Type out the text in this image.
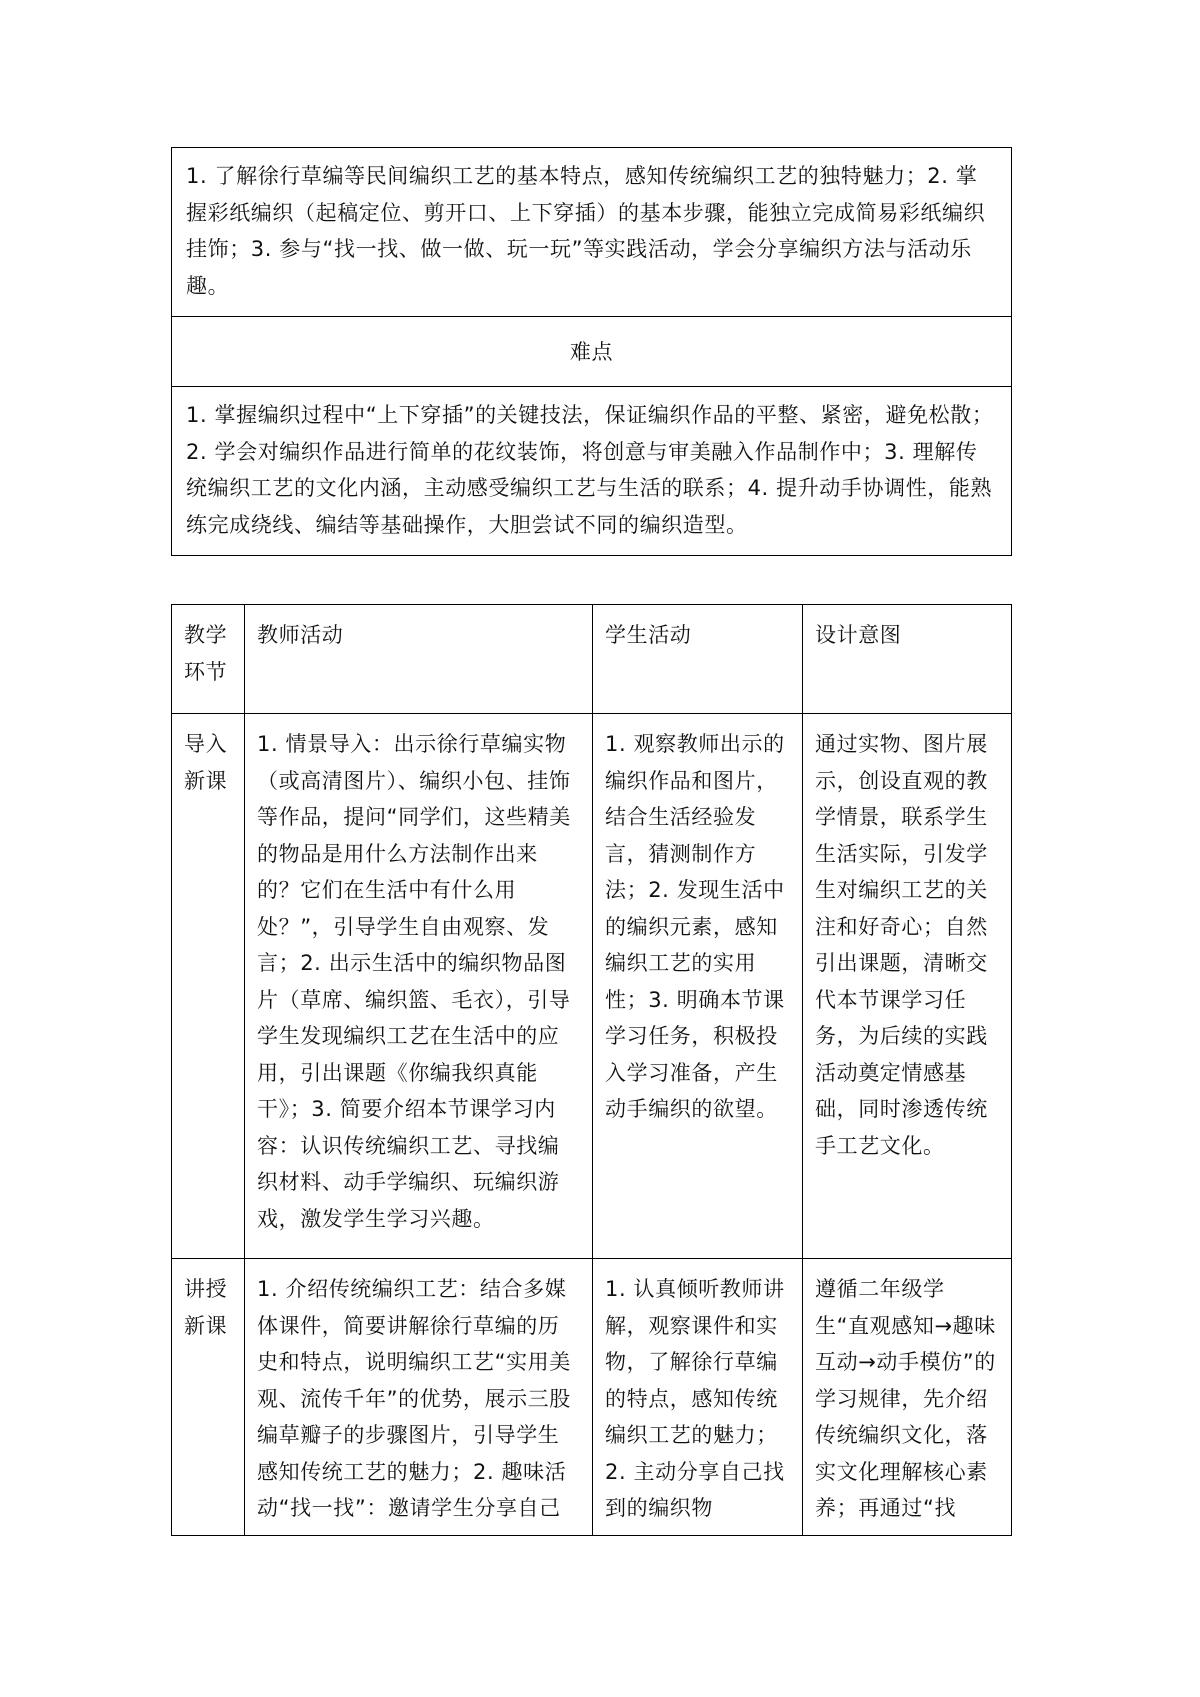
1. 了解徐行草编等民间编织工艺的基本特点，感知传统编织工艺的独特魅力；2. 掌握彩纸编织（起稿定位、剪开口、上下穿插）的基本步骤，能独立完成简易彩纸编织挂饰；3. 参与“找一找、做一做、玩一玩”等实践活动，学会分享编织方法与活动乐趣。
难点
1. 掌握编织过程中“上下穿插”的关键技法，保证编织作品的平整、紧密，避免松散；2. 学会对编织作品进行简单的花纹装饰，将创意与审美融入作品制作中；3. 理解传统编织工艺的文化内涵，主动感受编织工艺与生活的联系；4. 提升动手协调性，能熟练完成绕线、编结等基础操作，大胆尝试不同的编织造型。
教学环节
教师活动	学生活动	设计意图
导入新课
1. 情景导入：出示徐行草编实物（或高清图片）、编织小包、挂饰等作品，提问“同学们，这些精美的物品是用什么方法制作出来的？它们在生活中有什么用处？”，引导学生自由观察、发言；2. 出示生活中的编织物品图片（草席、编织篮、毛衣），引导学生发现编织工艺在生活中的应用，引出课题《你编我织真能干》；3. 简要介绍本节课学习内容：认识传统编织工艺、寻找编织材料、动手学编织、玩编织游戏，激发学生学习兴趣。
1. 观察教师出示的编织作品和图片，结合生活经验发言，猜测制作方法；2. 发现生活中的编织元素，感知编织工艺的实用性；3. 明确本节课学习任务，积极投入学习准备，产生动手编织的欲望。
通过实物、图片展示，创设直观的教学情景，联系学生生活实际，引发学生对编织工艺的关注和好奇心；自然引出课题，清晰交代本节课学习任务，为后续的实践活动奠定情感基础，同时渗透传统手工艺文化。
讲授新课
1. 介绍传统编织工艺：结合多媒体课件，简要讲解徐行草编的历史和特点，说明编织工艺“实用美观、流传千年”的优势，展示三股编草瓣子的步骤图片，引导学生感知传统工艺的魅力；2. 趣味活动“找一找”：邀请学生分享自己
1. 认真倾听教师讲解，观察课件和实物，了解徐行草编的特点，感知传统编织工艺的魅力；2. 主动分享自己找到的编织物
遵循二年级学生“直观感知→趣味互动→动手模仿”的学习规律，先介绍传统编织文化，落实文化理解核心素养；再通过“找
